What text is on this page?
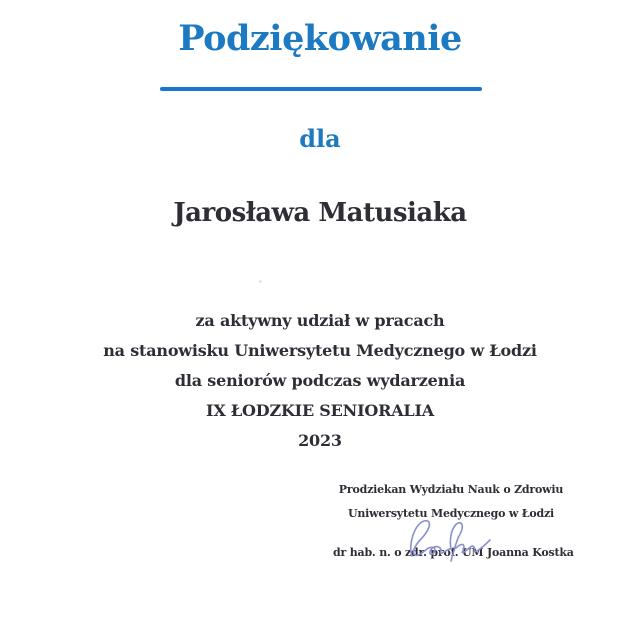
Podziękowanie
dla
Jarosława Matusiaka
za aktywny udział w pracach
na stanowisku Uniwersytetu Medycznego w Łodzi
dla seniorów podczas wydarzenia
IX ŁODZKIE SENIORALIA
2023
Prodziekan Wydziału Nauk o Zdrowiu
Uniwersytetu Medycznego w Łodzi
dr hab. n. o zdr. prof. UM Joanna Kostka
